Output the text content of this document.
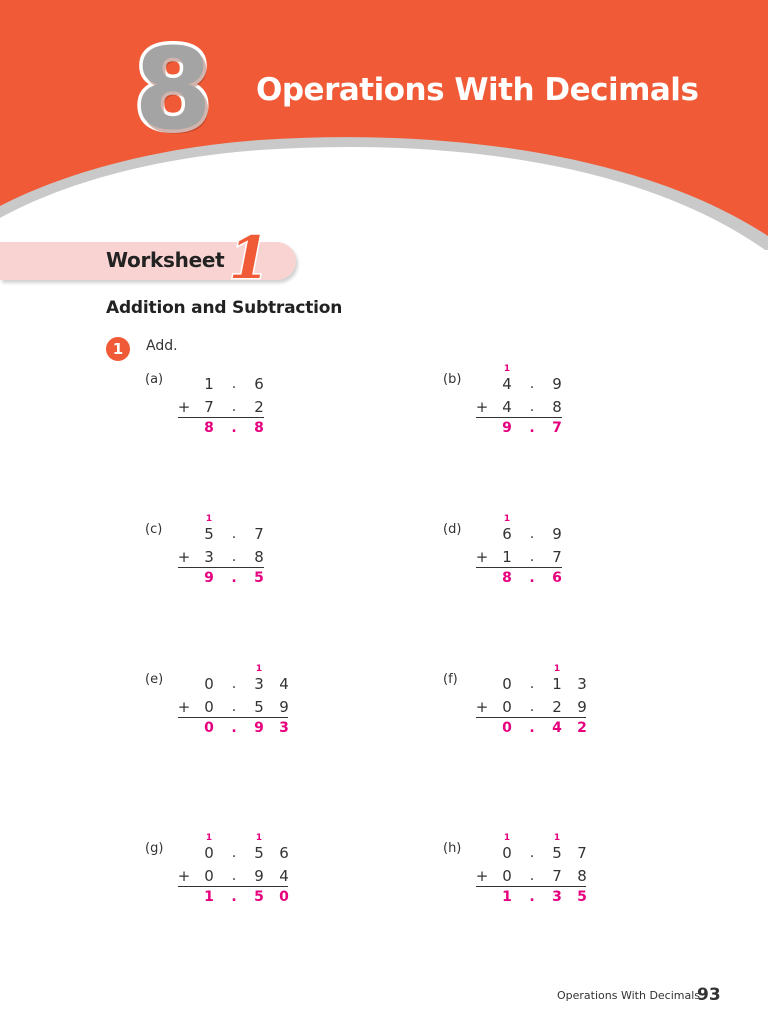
8 Operations With Decimals
Worksheet 1
Addition and Subtraction
1	Add.
(a)	1	.	6
+ 7	.	2
8	.	8
(b)
1
4	.	9
+ 4	.	8
9	.	7
(c)
1
5	.	7
+ 3	.	8
9	.	5
(d)
1
6	.	9
+ 1	.	7
8	.	6
(e)
1
0	.	3 4
+ 0	.	5 9
0	.	9 3
(f)
1
0	.	1 3
+ 0	.	2 9
0	.	4 2
(g)
1	1
0	.	5 6
+ 0	.	9 4
1	.	5 0
(h)
1	1
0	.	5 7
+ 0	.	7 8
1	.	3 5
Operations With Decimals
93
